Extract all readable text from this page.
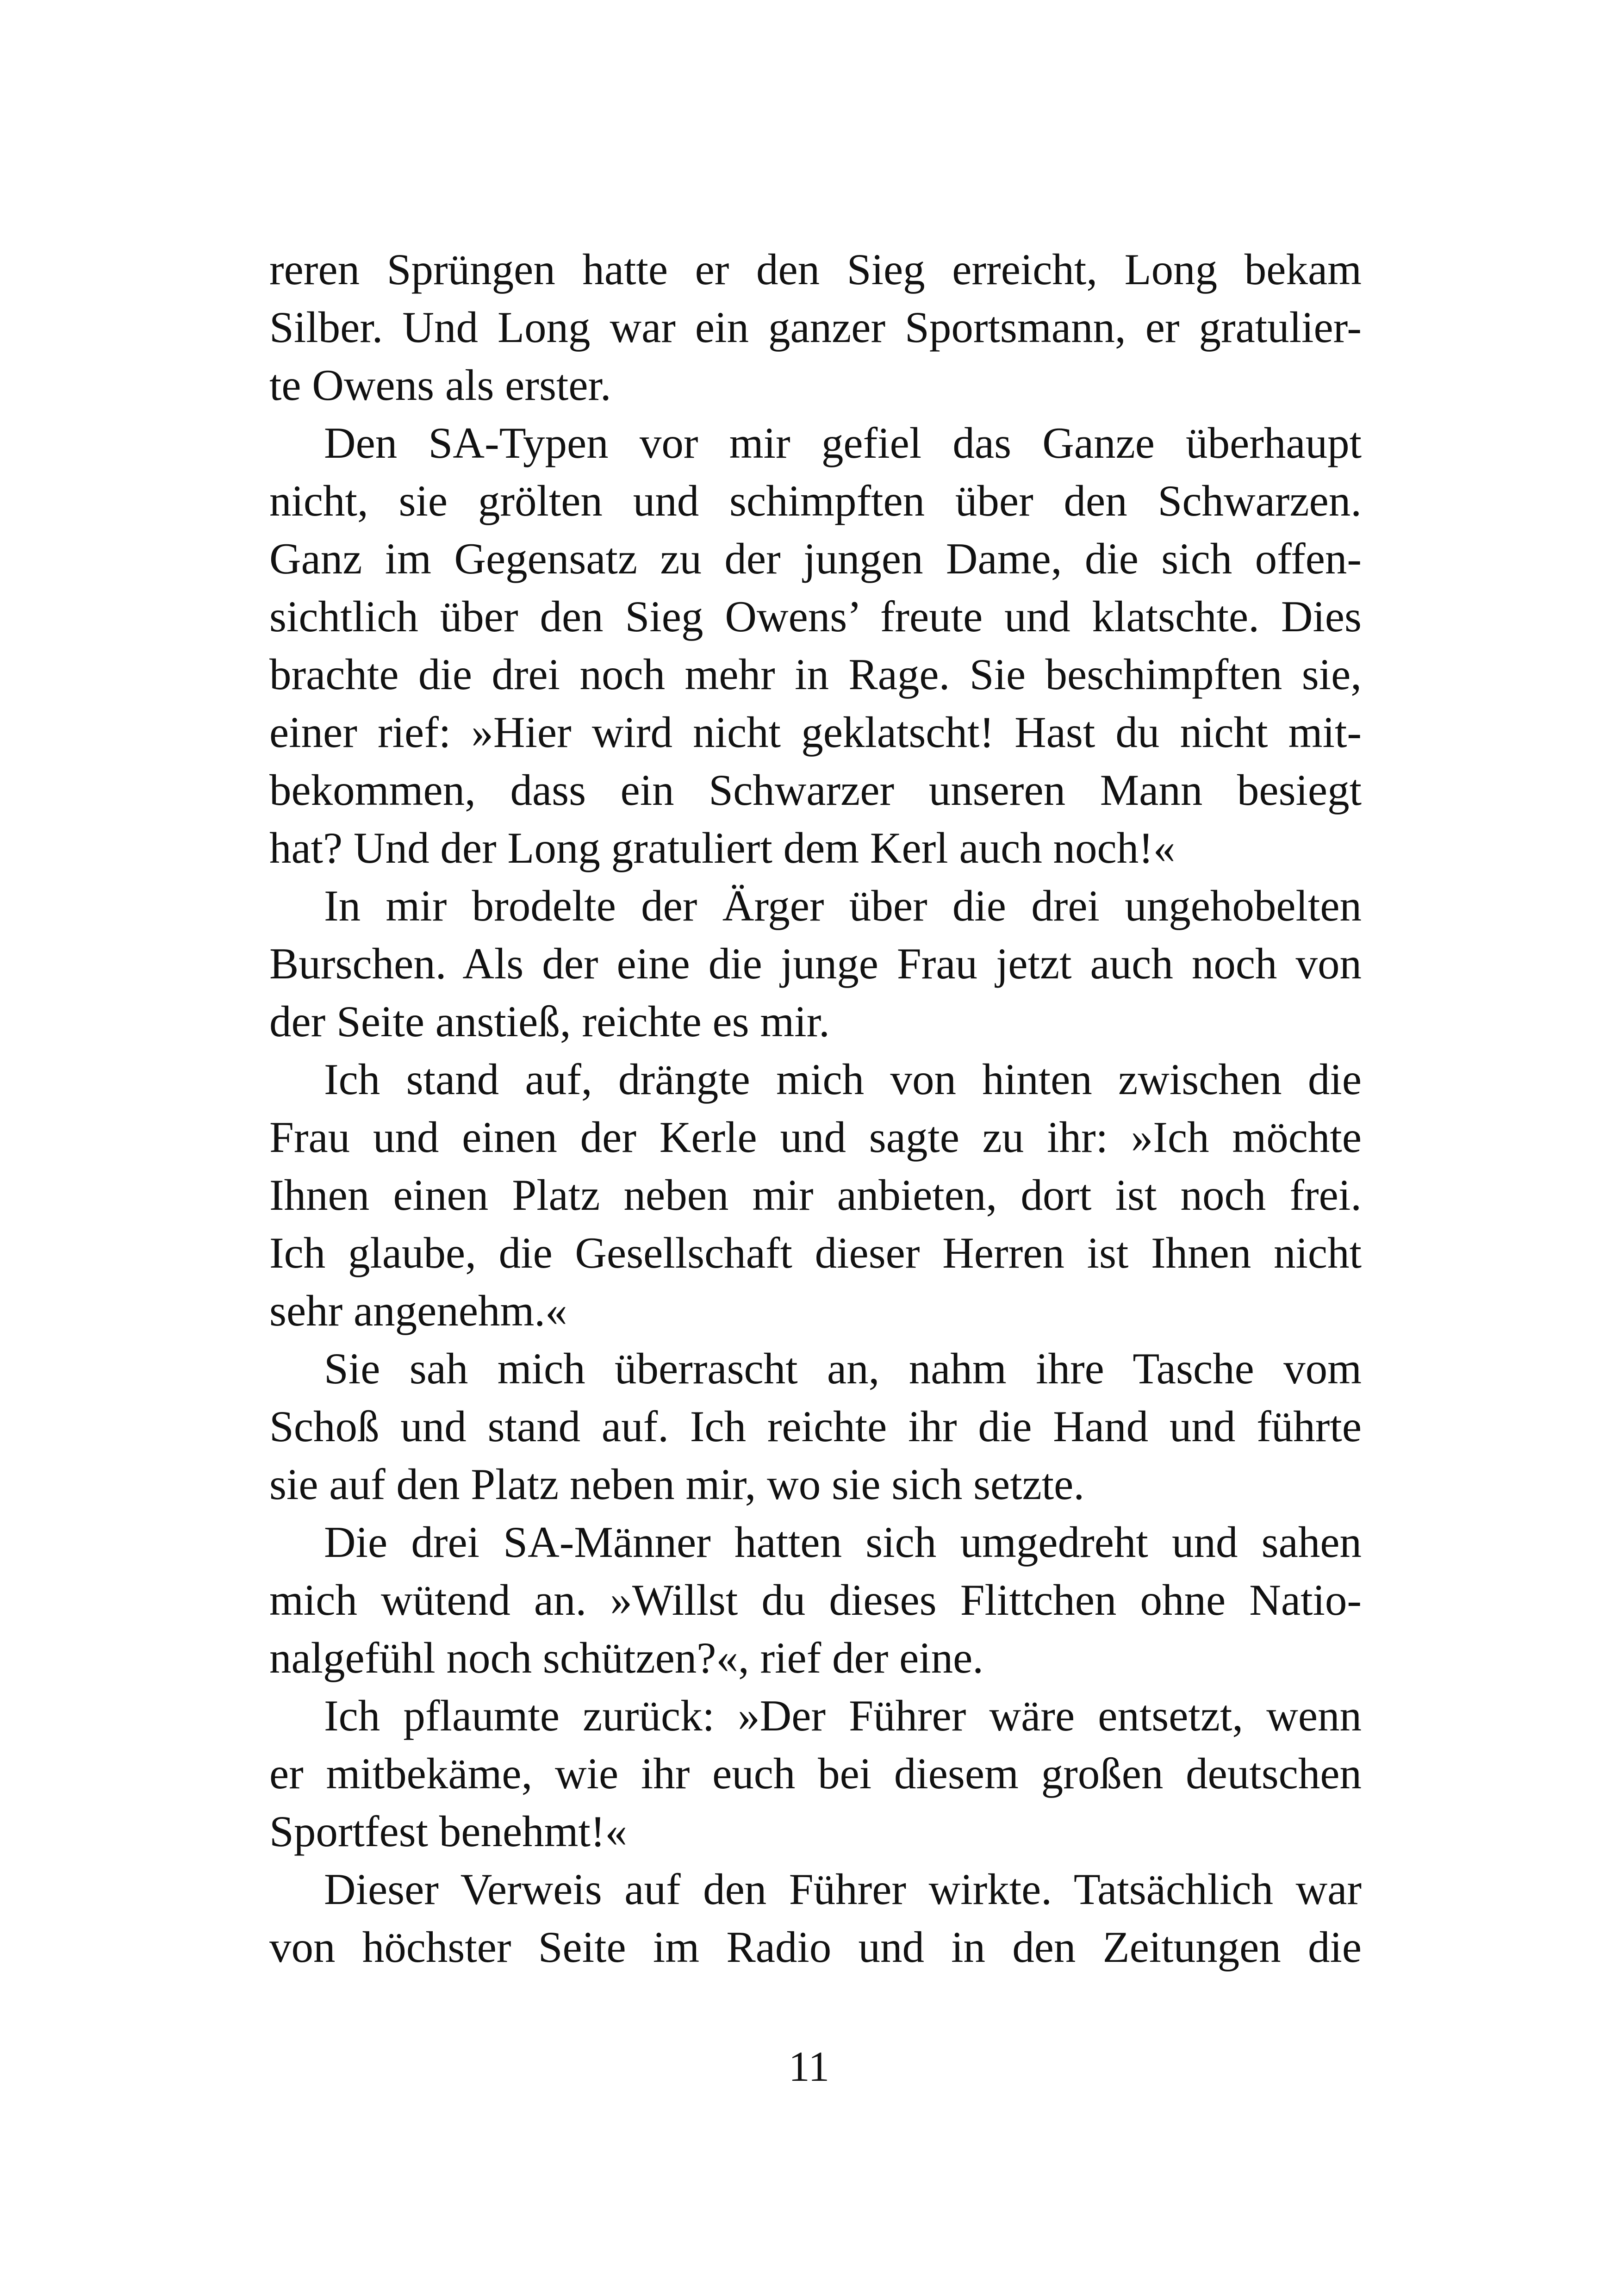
reren Sprüngen hatte er den Sieg erreicht, Long bekam
Silber. Und Long war ein ganzer Sportsmann, er gratulier-
te Owens als erster.
Den SA-Typen vor mir gefiel das Ganze überhaupt
nicht, sie grölten und schimpften über den Schwarzen.
Ganz im Gegensatz zu der jungen Dame, die sich offen-
sichtlich über den Sieg Owens’ freute und klatschte. Dies
brachte die drei noch mehr in Rage. Sie beschimpften sie,
einer rief: »Hier wird nicht geklatscht! Hast du nicht mit-
bekommen, dass ein Schwarzer unseren Mann besiegt
hat? Und der Long gratuliert dem Kerl auch noch!«
In mir brodelte der Ärger über die drei ungehobelten
Burschen. Als der eine die junge Frau jetzt auch noch von
der Seite anstieß, reichte es mir.
Ich stand auf, drängte mich von hinten zwischen die
Frau und einen der Kerle und sagte zu ihr: »Ich möchte
Ihnen einen Platz neben mir anbieten, dort ist noch frei.
Ich glaube, die Gesellschaft dieser Herren ist Ihnen nicht
sehr angenehm.«
Sie sah mich überrascht an, nahm ihre Tasche vom
Schoß und stand auf. Ich reichte ihr die Hand und führte
sie auf den Platz neben mir, wo sie sich setzte.
Die drei SA-Männer hatten sich umgedreht und sahen
mich wütend an. »Willst du dieses Flittchen ohne Natio-
nalgefühl noch schützen?«, rief der eine.
Ich pflaumte zurück: »Der Führer wäre entsetzt, wenn
er mitbekäme, wie ihr euch bei diesem großen deutschen
Sportfest benehmt!«
Dieser Verweis auf den Führer wirkte. Tatsächlich war
von höchster Seite im Radio und in den Zeitungen die
11
